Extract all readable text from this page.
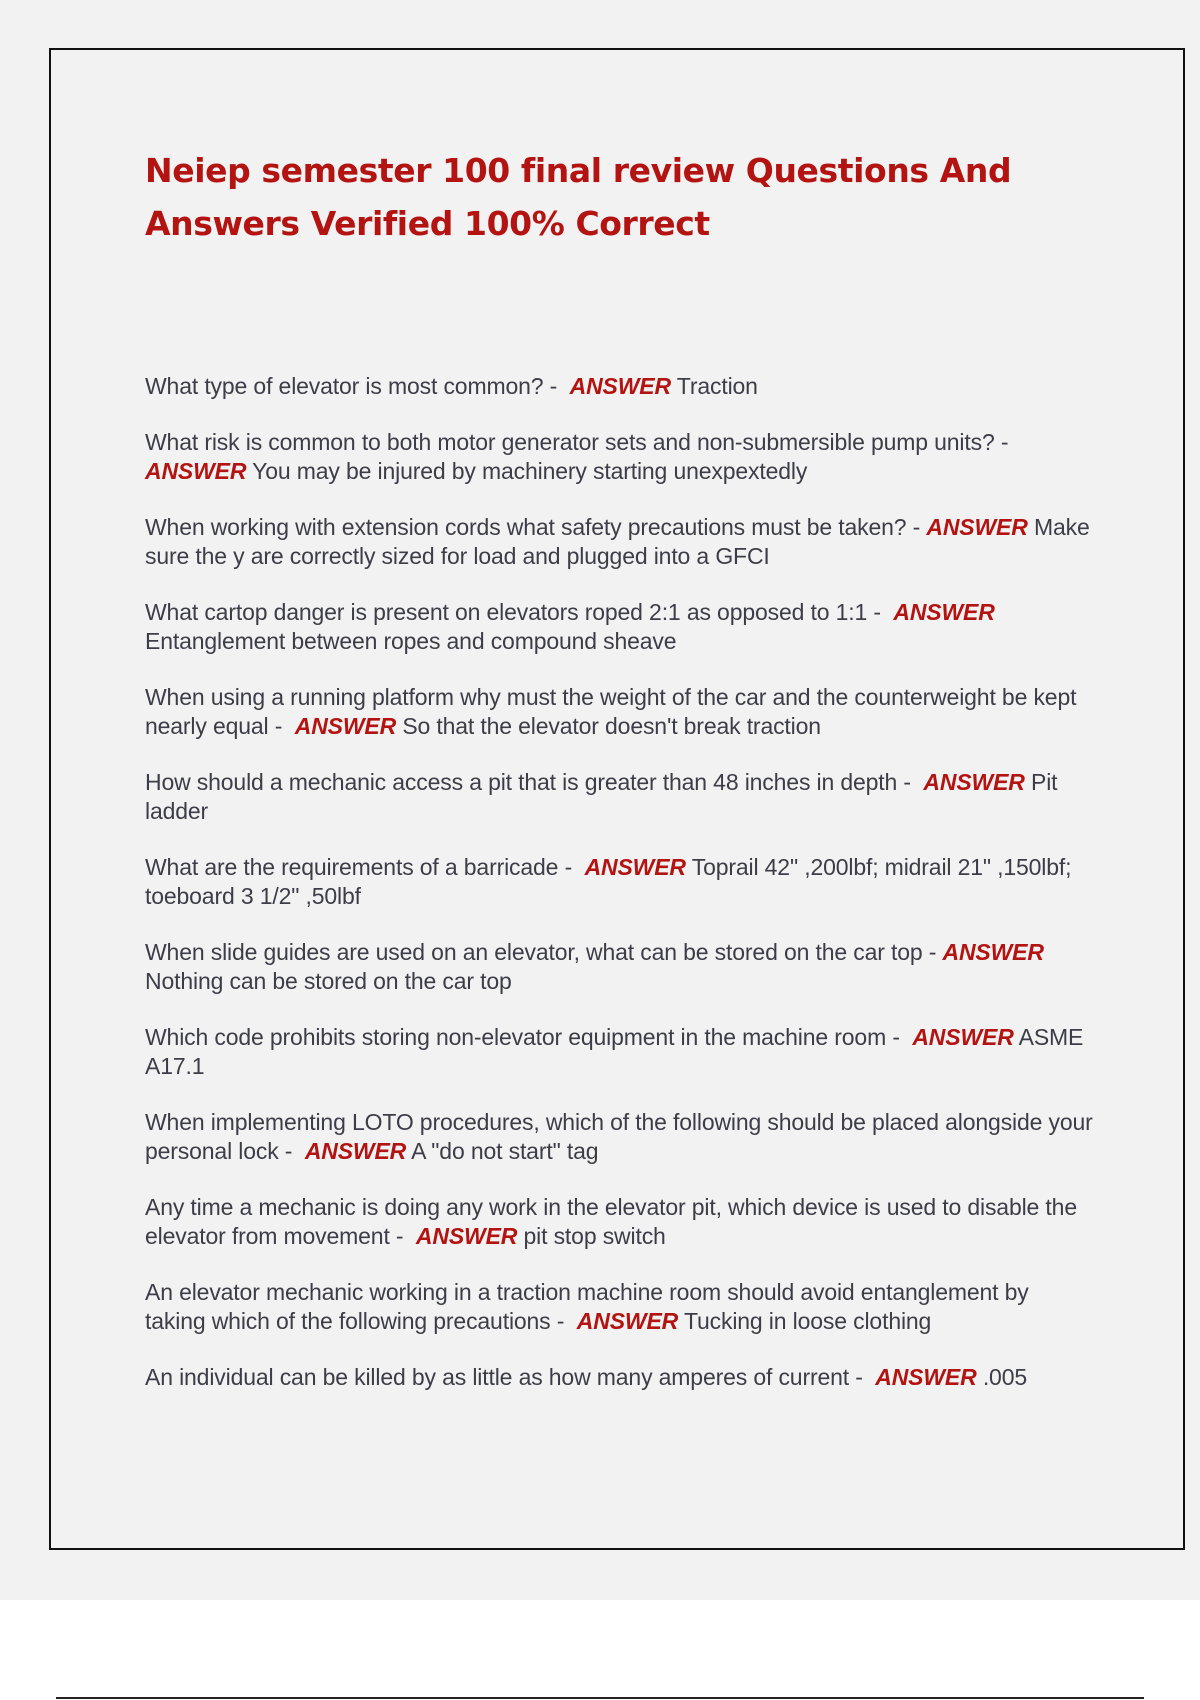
Neiep semester 100 final review Questions And Answers Verified 100% Correct
What type of elevator is most common? - ANSWER Traction
What risk is common to both motor generator sets and non-submersible pump units? - ANSWER You may be injured by machinery starting unexpextedly
When working with extension cords what safety precautions must be taken? - ANSWER Make sure the y are correctly sized for load and plugged into a GFCI
What cartop danger is present on elevators roped 2:1 as opposed to 1:1 - ANSWER Entanglement between ropes and compound sheave
When using a running platform why must the weight of the car and the counterweight be kept nearly equal - ANSWER So that the elevator doesn't break traction
How should a mechanic access a pit that is greater than 48 inches in depth - ANSWER Pit ladder
What are the requirements of a barricade - ANSWER Toprail 42" ,200lbf; midrail 21" ,150lbf; toeboard 3 1/2" ,50lbf
When slide guides are used on an elevator, what can be stored on the car top - ANSWER Nothing can be stored on the car top
Which code prohibits storing non-elevator equipment in the machine room - ANSWER ASME A17.1
When implementing LOTO procedures, which of the following should be placed alongside your personal lock - ANSWER A "do not start" tag
Any time a mechanic is doing any work in the elevator pit, which device is used to disable the elevator from movement - ANSWER pit stop switch
An elevator mechanic working in a traction machine room should avoid entanglement by taking which of the following precautions - ANSWER Tucking in loose clothing
An individual can be killed by as little as how many amperes of current - ANSWER .005
